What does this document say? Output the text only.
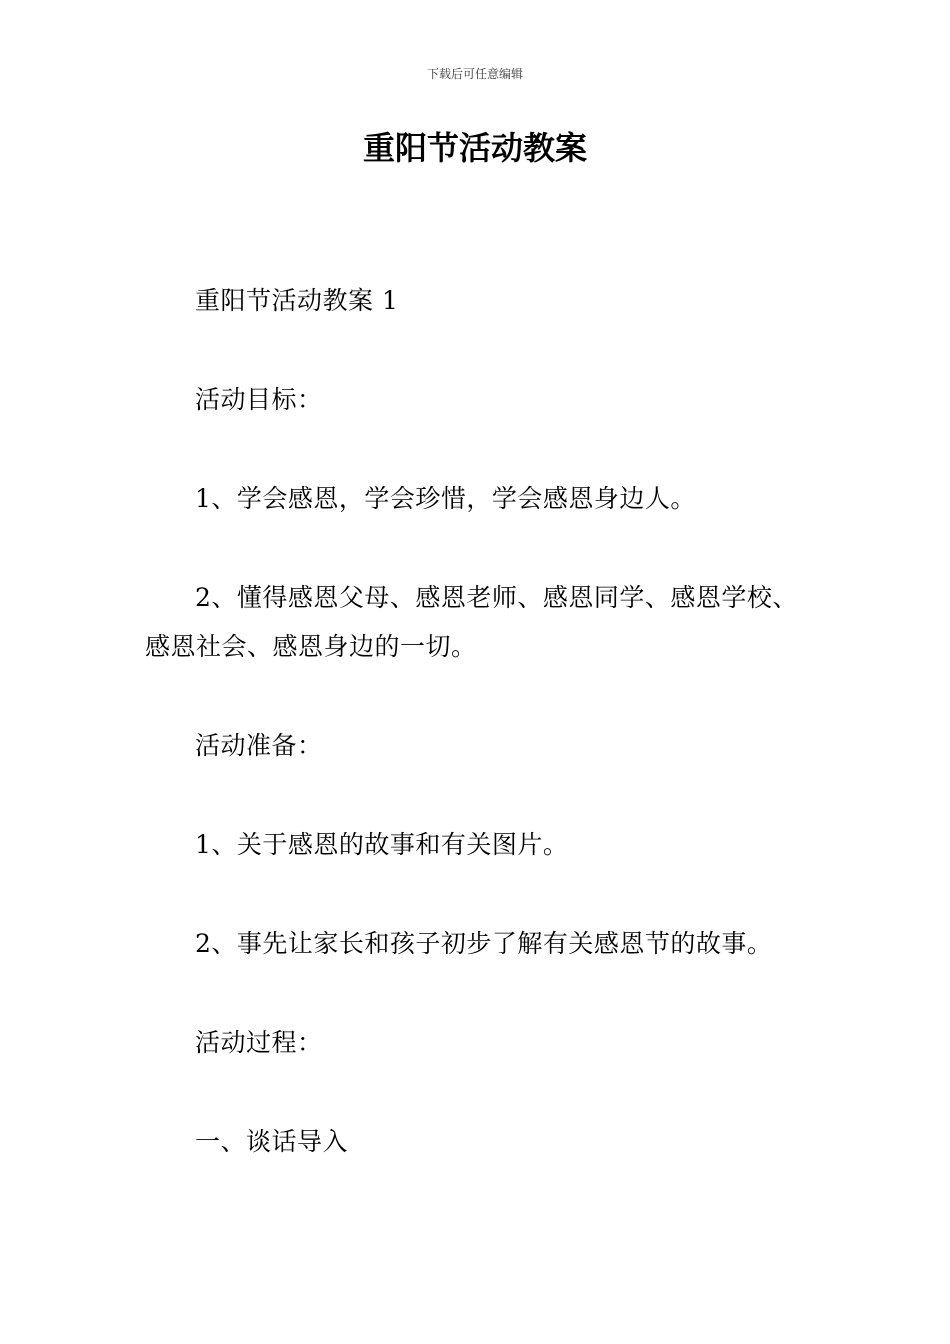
下载后可任意编辑
重阳节活动教案

重阳节活动教案 1

活动目标：

1、学会感恩，学会珍惜，学会感恩身边人。

2、懂得感恩父母、感恩老师、感恩同学、感恩学校、感恩社会、感恩身边的一切。

活动准备：

1、关于感恩的故事和有关图片。

2、事先让家长和孩子初步了解有关感恩节的故事。

活动过程：

一、谈话导入
